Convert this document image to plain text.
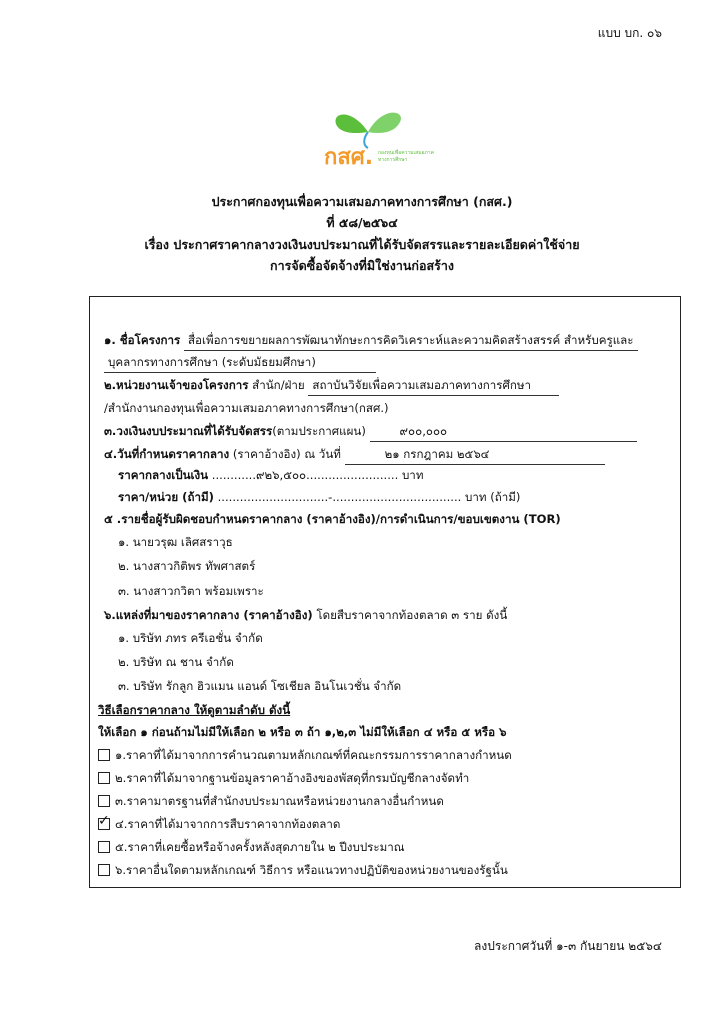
แบบ บก. ๐๖
กสศ. กองทุนเพื่อความเสมอภาค
ทางการศึกษา
ประกาศกองทุนเพื่อความเสมอภาคทางการศึกษา (กสศ.)
ที่ ๕๘/๒๕๖๔
เรื่อง ประกาศราคากลางวงเงินงบประมาณที่ได้รับจัดสรรและรายละเอียดค่าใช้จ่าย
การจัดซื้อจัดจ้างที่มิใช่งานก่อสร้าง
๑. ชื่อโครงการ สื่อเพื่อการขยายผลการพัฒนาทักษะการคิดวิเคราะห์และความคิดสร้างสรรค์ สำหรับครูและ
บุคลากรทางการศึกษา (ระดับมัธยมศึกษา)
๒.หน่วยงานเจ้าของโครงการ สำนัก/ฝ่าย สถาบันวิจัยเพื่อความเสมอภาคทางการศึกษา
/สำนักงานกองทุนเพื่อความเสมอภาคทางการศึกษา(กสศ.)
๓.วงเงินงบประมาณที่ได้รับจัดสรร(ตามประกาศแผน)	๙๐๐,๐๐๐
๔.วันที่กำหนดราคากลาง (ราคาอ้างอิง) ณ วันที่	๒๑ กรกฎาคม ๒๕๖๔
ราคากลางเป็นเงิน ............๙๒๖,๕๐๐......................... บาท
ราคา/หน่วย (ถ้ามี) ..............................-................................... บาท (ถ้ามี)
๕ .รายชื่อผู้รับผิดชอบกำหนดราคากลาง (ราคาอ้างอิง)/การดำเนินการ/ขอบเขตงาน (TOR)
๑. นายวรุฒ เลิศสราวุธ
๒. นางสาวกิติพร ทัพศาสตร์
๓. นางสาวกวิตา พร้อมเพราะ
๖.แหล่งที่มาของราคากลาง (ราคาอ้างอิง) โดยสืบราคาจากท้องตลาด ๓ ราย ดังนี้
๑. บริษัท ภทร ครีเอชั่น จำกัด
๒. บริษัท ณ ชาน จำกัด
๓. บริษัท รักลูก ฮิวแมน แอนด์ โซเชียล อินโนเวชั่น จำกัด
วิธีเลือกราคากลาง ให้ดูตามลำดับ ดังนี้
ให้เลือก ๑ ก่อนถ้ามไม่มีให้เลือก ๒ หรือ ๓ ถ้า ๑,๒,๓ ไม่มีให้เลือก ๔ หรือ ๕ หรือ ๖
๑.ราคาที่ได้มาจากการคำนวณตามหลักเกณฑ์ที่คณะกรรมการราคากลางกำหนด
๒.ราคาที่ได้มาจากฐานข้อมูลราคาอ้างอิงของพัสดุที่กรมบัญชีกลางจัดทำ
๓.ราคามาตรฐานที่สำนักงบประมาณหรือหน่วยงานกลางอื่นกำหนด
✓ ๔.ราคาที่ได้มาจากการสืบราคาจากท้องตลาด
๕.ราคาที่เคยซื้อหรือจ้างครั้งหลังสุดภายใน ๒ ปีงบประมาณ
๖.ราคาอื่นใดตามหลักเกณฑ์ วิธีการ หรือแนวทางปฏิบัติของหน่วยงานของรัฐนั้น
ลงประกาศวันที่ ๑-๓ กันยายน ๒๕๖๔
